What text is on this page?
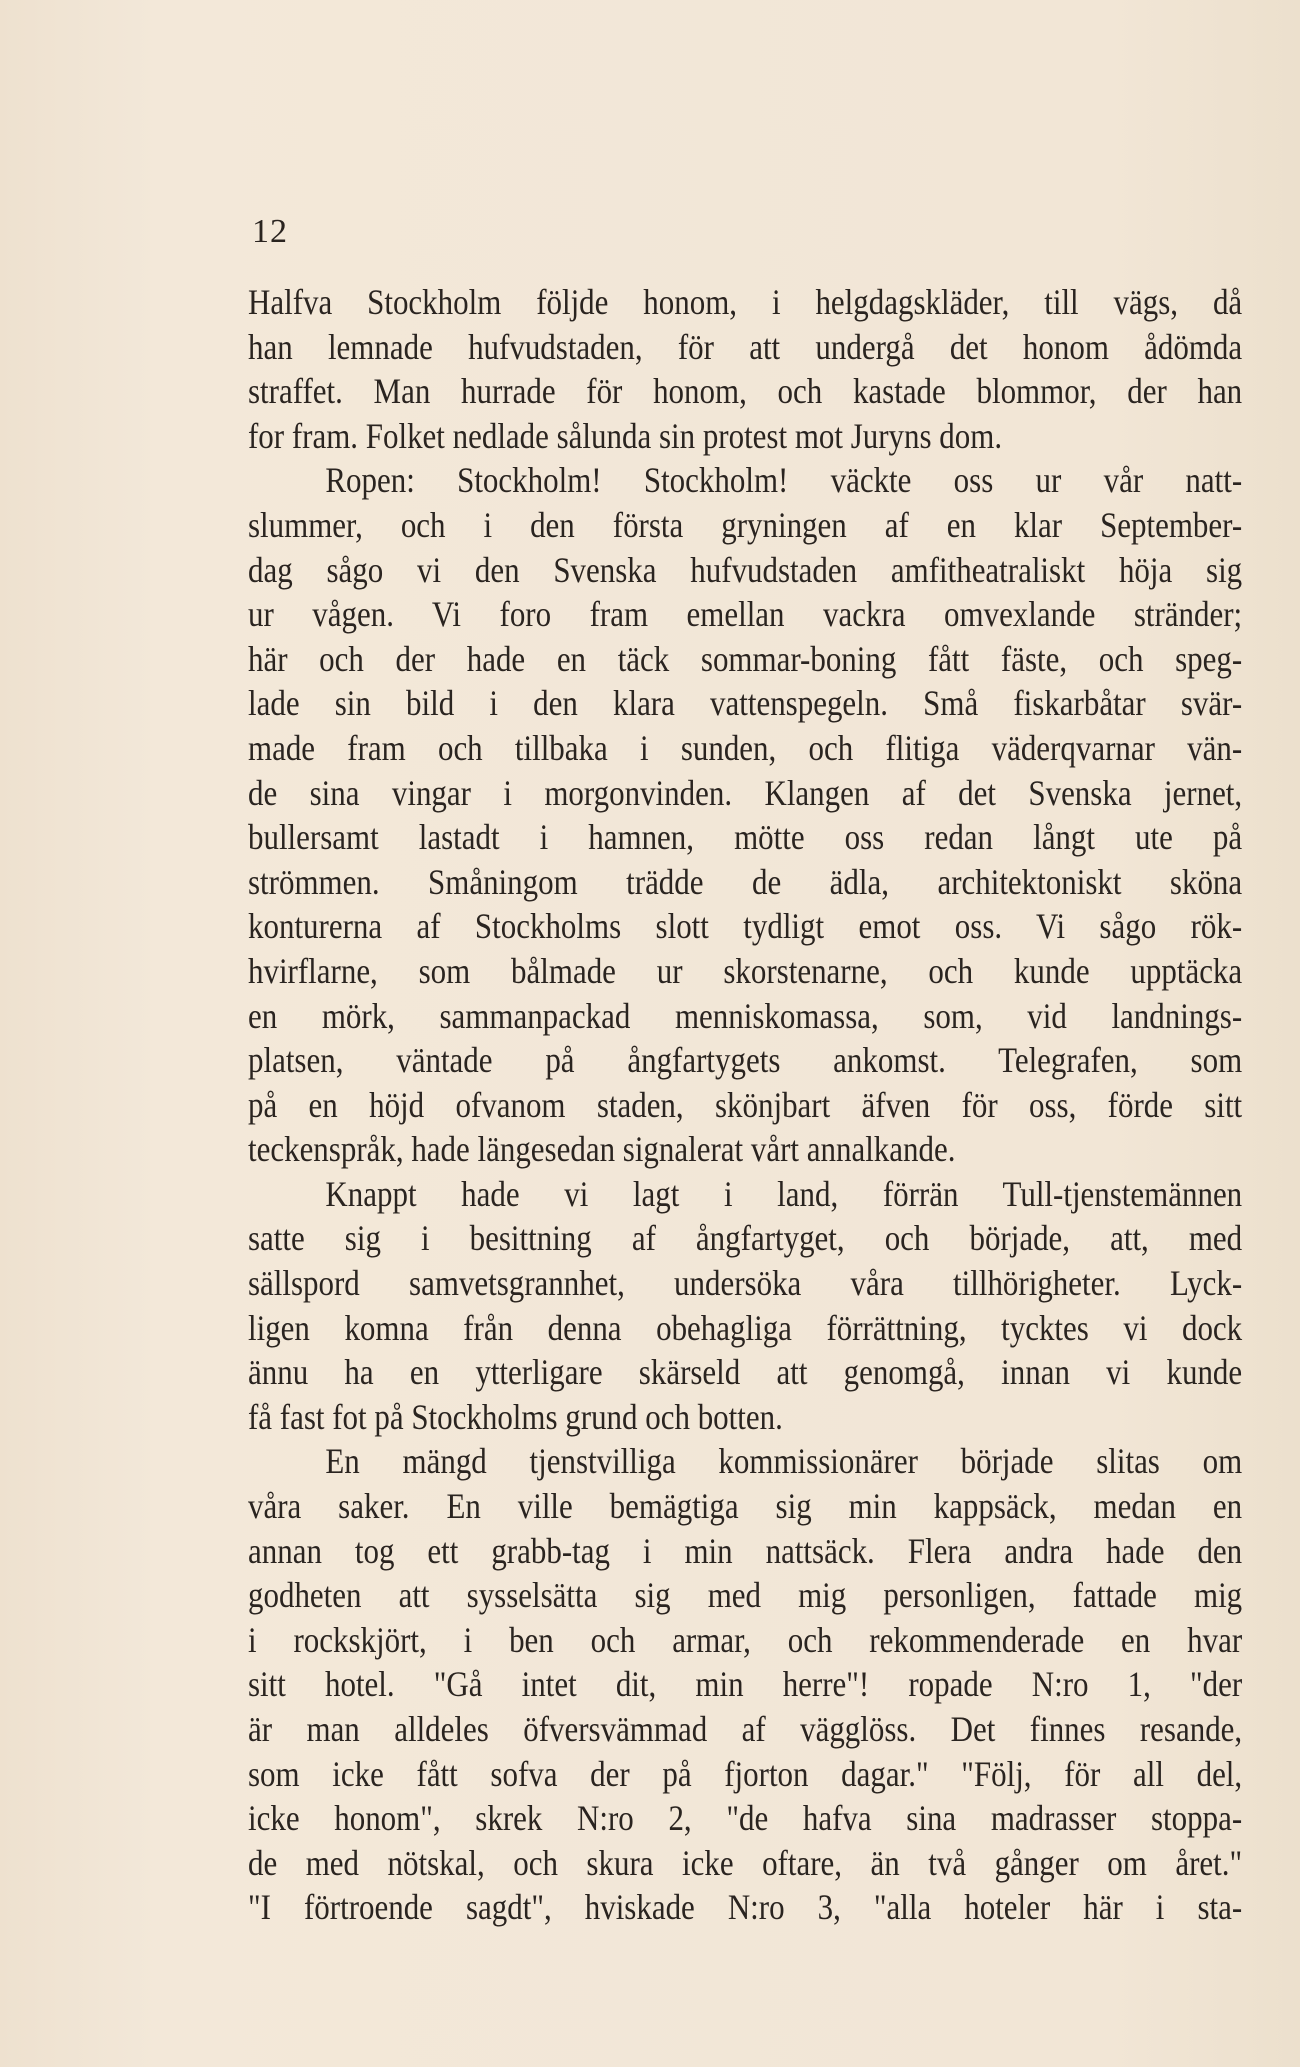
12
Halfva Stockholm följde honom, i helgdagskläder, till vägs, då
han lemnade hufvudstaden, för att undergå det honom ådömda
straffet. Man hurrade för honom, och kastade blommor, der han
for fram. Folket nedlade sålunda sin protest mot Juryns dom.
Ropen: Stockholm! Stockholm! väckte oss ur vår natt-
slummer, och i den första gryningen af en klar September-
dag sågo vi den Svenska hufvudstaden amfitheatraliskt höja sig
ur vågen. Vi foro fram emellan vackra omvexlande stränder;
här och der hade en täck sommar-boning fått fäste, och speg-
lade sin bild i den klara vattenspegeln. Små fiskarbåtar svär-
made fram och tillbaka i sunden, och flitiga väderqvarnar vän-
de sina vingar i morgonvinden. Klangen af det Svenska jernet,
bullersamt lastadt i hamnen, mötte oss redan långt ute på
strömmen. Småningom trädde de ädla, architektoniskt sköna
konturerna af Stockholms slott tydligt emot oss. Vi sågo rök-
hvirflarne, som bålmade ur skorstenarne, och kunde upptäcka
en mörk, sammanpackad menniskomassa, som, vid landnings-
platsen, väntade på ångfartygets ankomst. Telegrafen, som
på en höjd ofvanom staden, skönjbart äfven för oss, förde sitt
teckenspråk, hade längesedan signalerat vårt annalkande.
Knappt hade vi lagt i land, förrän Tull-tjenstemännen
satte sig i besittning af ångfartyget, och började, att, med
sällspord samvetsgrannhet, undersöka våra tillhörigheter. Lyck-
ligen komna från denna obehagliga förrättning, tycktes vi dock
ännu ha en ytterligare skärseld att genomgå, innan vi kunde
få fast fot på Stockholms grund och botten.
En mängd tjenstvilliga kommissionärer började slitas om
våra saker. En ville bemägtiga sig min kappsäck, medan en
annan tog ett grabb-tag i min nattsäck. Flera andra hade den
godheten att sysselsätta sig med mig personligen, fattade mig
i rockskjört, i ben och armar, och rekommenderade en hvar
sitt hotel. "Gå intet dit, min herre"! ropade N:ro 1, "der
är man alldeles öfversvämmad af vägglöss. Det finnes resande,
som icke fått sofva der på fjorton dagar." "Följ, för all del,
icke honom", skrek N:ro 2, "de hafva sina madrasser stoppa-
de med nötskal, och skura icke oftare, än två gånger om året."
"I förtroende sagdt", hviskade N:ro 3, "alla hoteler här i sta-
